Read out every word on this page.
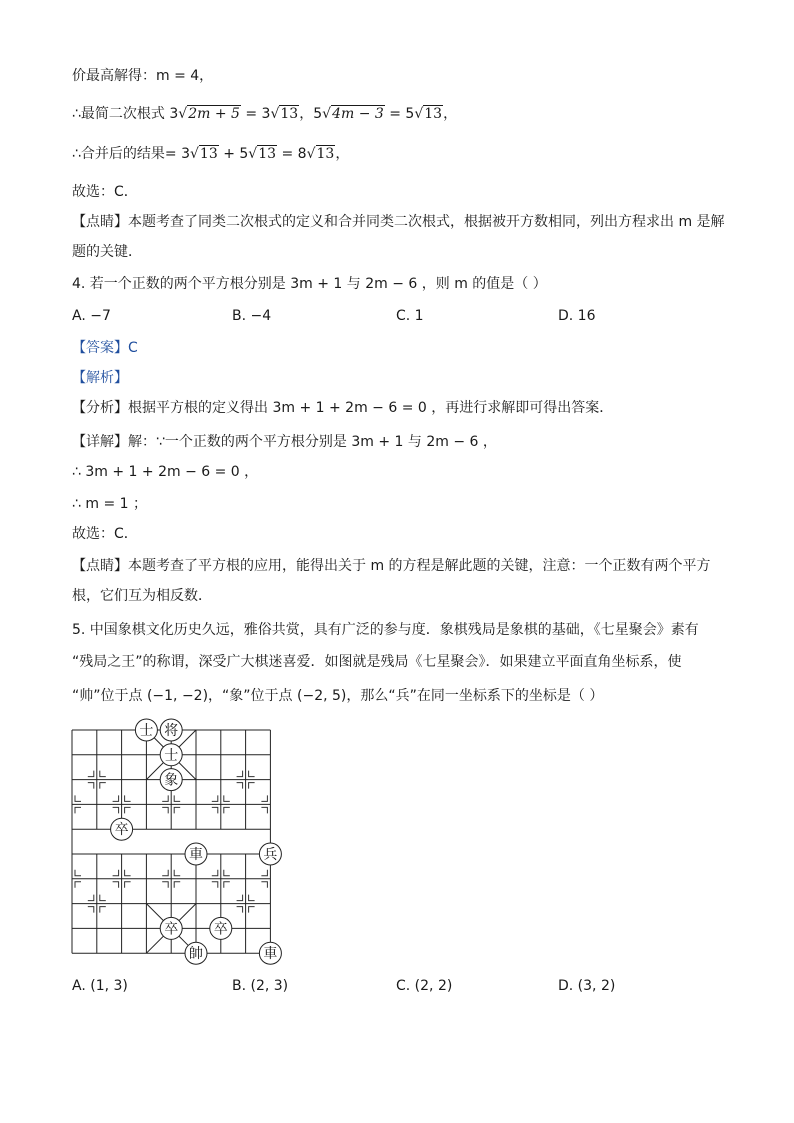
价最高解得：m = 4，
∴最简二次根式 3√2m + 5 = 3√13，5√4m − 3 = 5√13，
∴合并后的结果= 3√13 + 5√13 = 8√13，
故选：C．
【点睛】本题考查了同类二次根式的定义和合并同类二次根式，根据被开方数相同，列出方程求出 m 是解
题的关键．
4. 若一个正数的两个平方根分别是 3m + 1 与 2m − 6 ，则 m 的值是（ ）
A. −7	B. −4	C. 1	D. 16
【答案】C
【解析】
【分析】根据平方根的定义得出 3m + 1 + 2m − 6 = 0 ，再进行求解即可得出答案．
【详解】解：∵一个正数的两个平方根分别是 3m + 1 与 2m − 6 ，
∴ 3m + 1 + 2m − 6 = 0 ，
∴ m = 1 ；
故选：C．
【点睛】本题考查了平方根的应用，能得出关于 m 的方程是解此题的关键，注意：一个正数有两个平方
根，它们互为相反数．
5. 中国象棋文化历史久远，雅俗共赏，具有广泛的参与度．象棋残局是象棋的基础，《七星聚会》素有
“残局之王”的称谓，深受广大棋迷喜爱．如图就是残局《七星聚会》．如果建立平面直角坐标系，使
“帅”位于点 (−1, −2)，“象”位于点 (−2, 5)，那么“兵”在同一坐标系下的坐标是（ ）
士 将
士
象
卒
車	兵
卒	卒
帥	車
A. (1, 3)	B. (2, 3)	C. (2, 2)	D. (3, 2)
